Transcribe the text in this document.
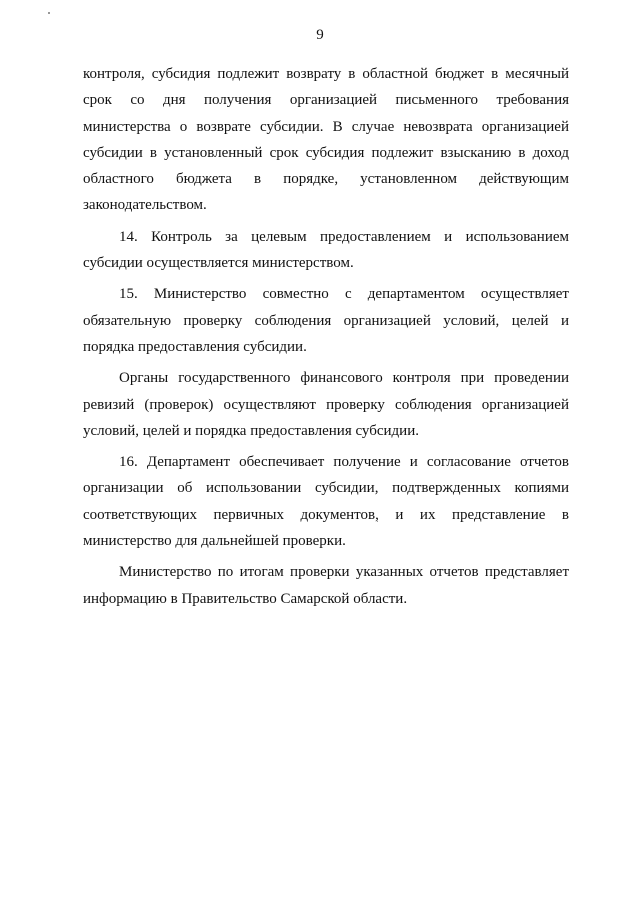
9

контроля, субсидия подлежит возврату в областной бюджет в месячный срок со дня получения организацией письменного требования министерства о возврате субсидии. В случае невозврата организацией субсидии в установленный срок субсидия подлежит взысканию в доход областного бюджета в порядке, установленном действующим законодательством.

14. Контроль за целевым предоставлением и использованием субсидии осуществляется министерством.

15. Министерство совместно с департаментом осуществляет обязательную проверку соблюдения организацией условий, целей и порядка предоставления субсидии.

Органы государственного финансового контроля при проведении ревизий (проверок) осуществляют проверку соблюдения организацией условий, целей и порядка предоставления субсидии.

16. Департамент обеспечивает получение и согласование отчетов организации об использовании субсидии, подтвержденных копиями соответствующих первичных документов, и их представление в министерство для дальнейшей проверки.

Министерство по итогам проверки указанных отчетов представляет информацию в Правительство Самарской области.
